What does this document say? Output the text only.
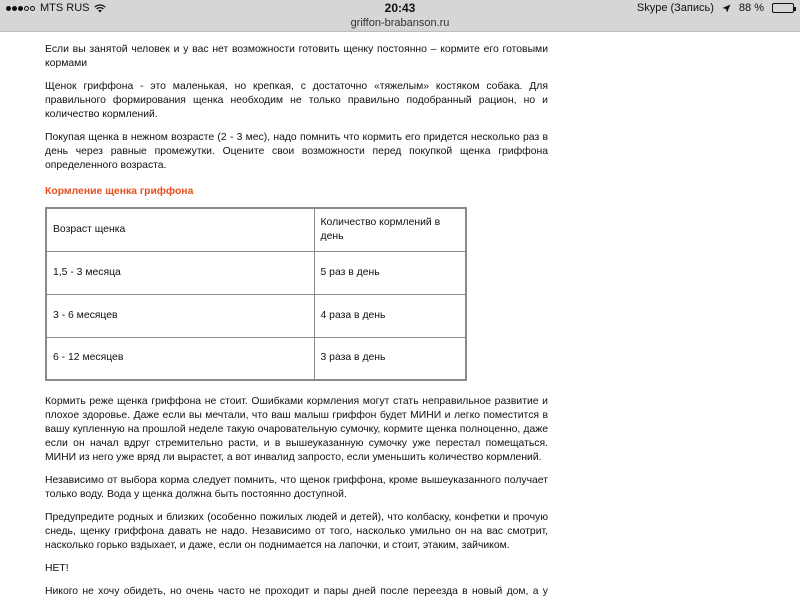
MTS RUS	20:43	Skype (Запись) 88 %
griffon-brabanson.ru

Если вы занятой человек и у вас нет возможности готовить щенку постоянно – кормите его готовыми кормами

Щенок гриффона - это маленькая, но крепкая, с достаточно «тяжелым» костяком собака. Для правильного формирования щенка необходим не только правильно подобранный рацион, но и количество кормлений.

Покупая щенка в нежном возрасте (2 - 3 мес), надо помнить что кормить его придется несколько раз в день через равные промежутки. Оцените свои возможности перед покупкой щенка гриффона определенного возраста.

Кормление щенка гриффона
Возраст щенка	Количество кормлений в день
1,5 - 3 месяца	5 раз в день
3 - 6 месяцев	4 раза в день
6 - 12 месяцев	3 раза в день

Кормить реже щенка гриффона не стоит. Ошибками кормления могут стать неправильное развитие и плохое здоровье. Даже если вы мечтали, что ваш малыш гриффон будет МИНИ и легко поместится в вашу купленную на прошлой неделе такую очаровательную сумочку, кормите щенка полноценно, даже если он начал вдруг стремительно расти, и в вышеуказанную сумочку уже перестал помещаться. МИНИ из него уже вряд ли вырастет, а вот инвалид запросто, если уменьшить количество кормлений.

Независимо от выбора корма следует помнить, что щенок гриффона, кроме вышеуказанного получает только воду. Вода у щенка должна быть постоянно доступной.

Предупредите родных и близких (особенно пожилых людей и детей), что колбаску, конфетки и прочую снедь, щенку гриффона давать не надо. Независимо от того, насколько умильно он на вас смотрит, насколько горько вздыхает, и даже, если он поднимается на лапочки, и стоит, этаким, зайчиком.

НЕТ!

Никого не хочу обидеть, но очень часто не проходит и пары дней после переезда в новый дом, а у
